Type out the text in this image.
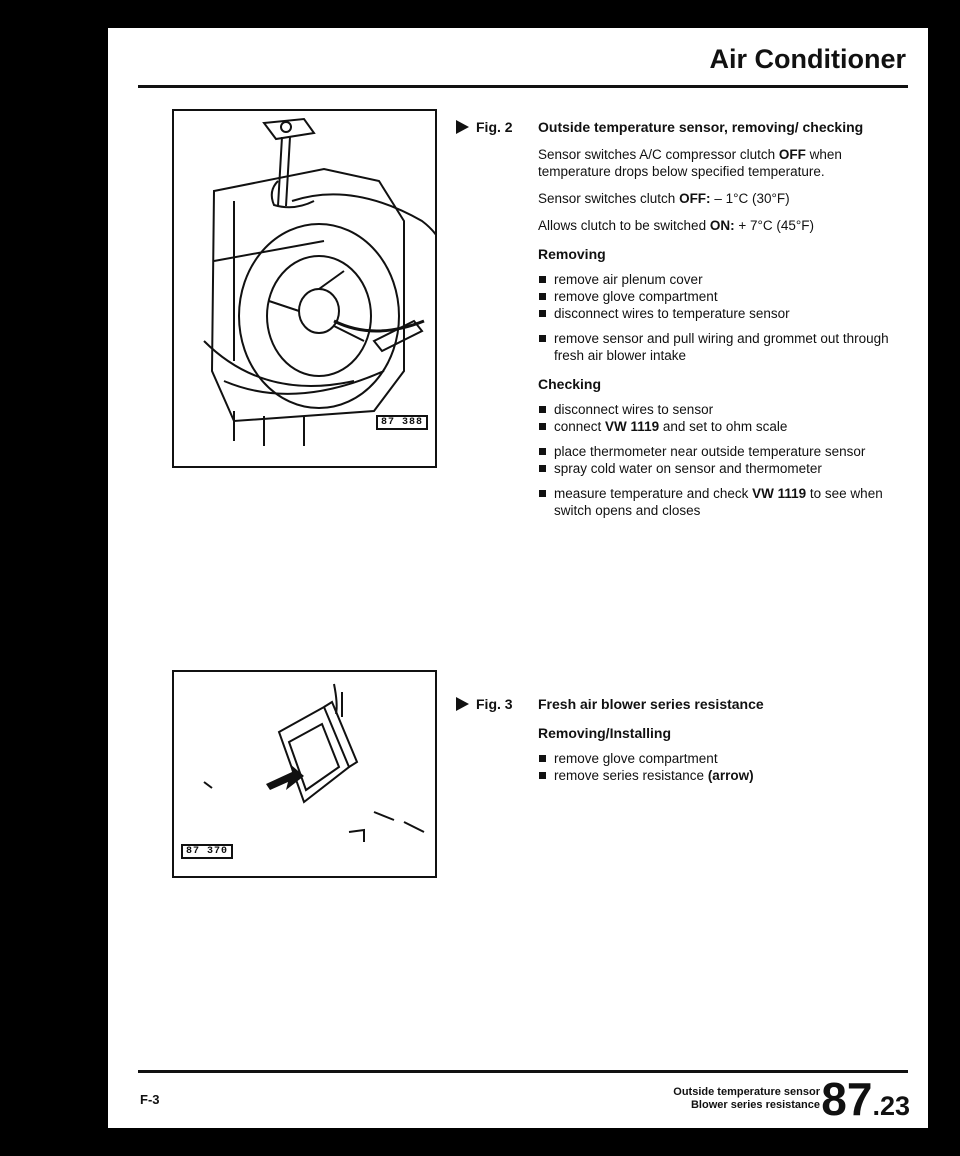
Air Conditioner
87 388
87 370
Fig. 2 Outside temperature sensor, removing/ checking

Sensor switches A/C compressor clutch OFF when temperature drops below specified temperature.

Sensor switches clutch OFF: – 1°C (30°F)

Allows clutch to be switched ON: + 7°C (45°F)

Removing
remove air plenum cover
remove glove compartment
disconnect wires to temperature sensor
remove sensor and pull wiring and grommet out through fresh air blower intake
Checking
disconnect wires to sensor
connect VW 1119 and set to ohm scale
place thermometer near outside temperature sensor
spray cold water on sensor and thermometer
measure temperature and check VW 1119 to see when switch opens and closes
Fig. 3 Fresh air blower series resistance
Removing/Installing
remove glove compartment
remove series resistance (arrow)
F-3	Outside temperature sensor
Blower series resistance 87.23
